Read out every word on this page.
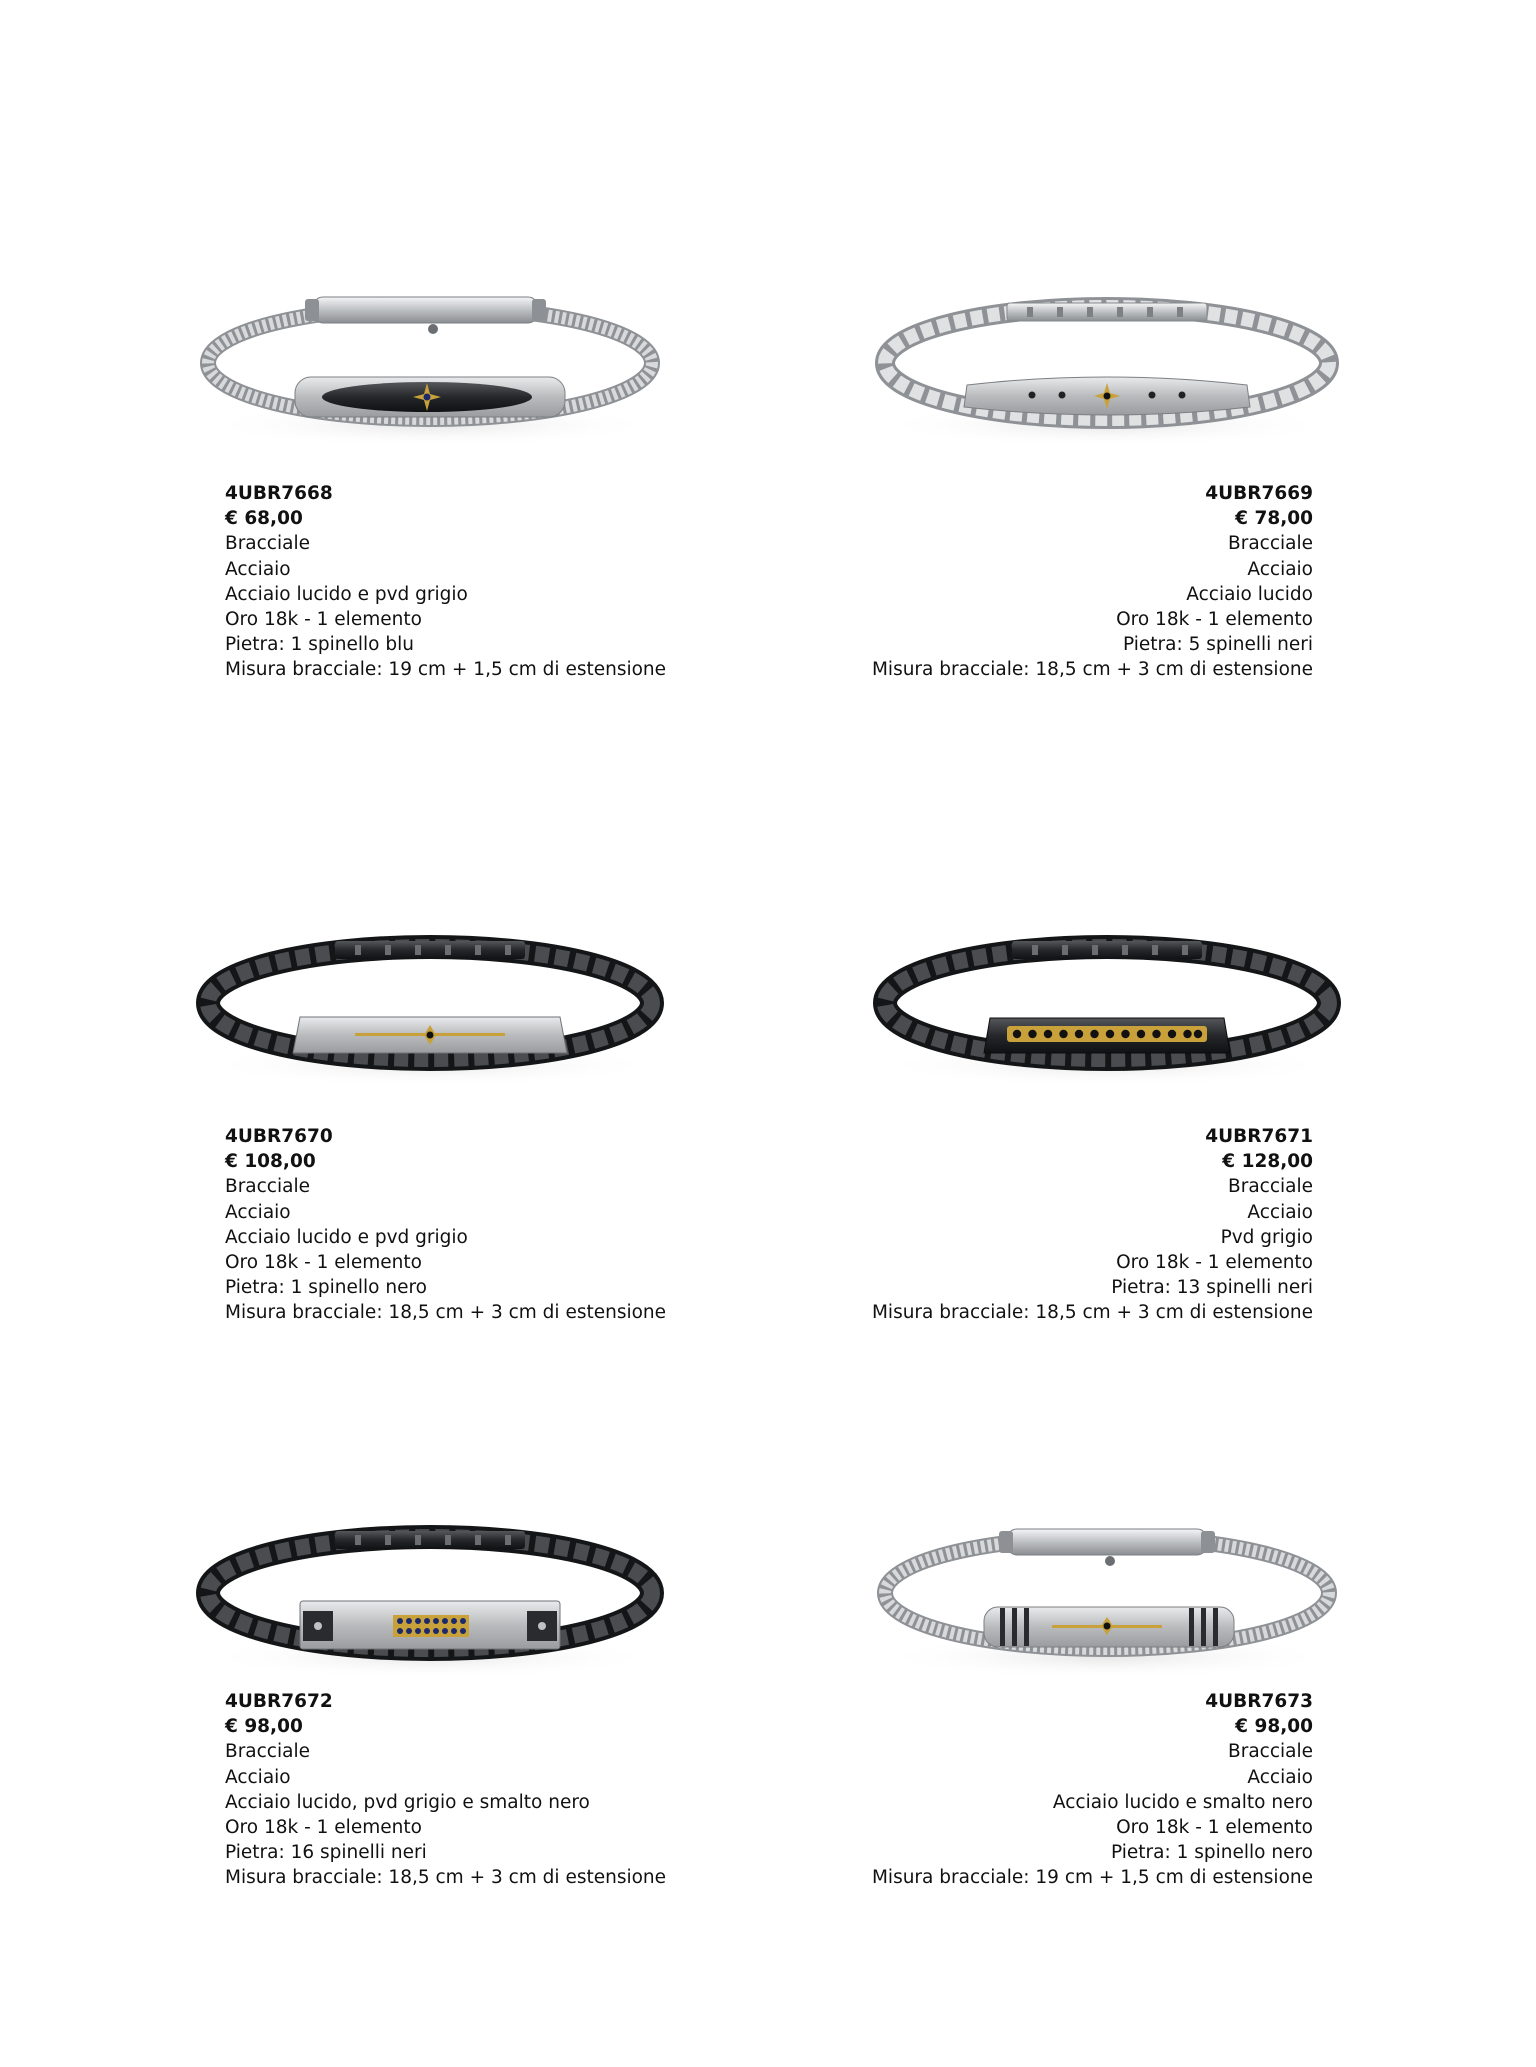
4UBR7668
€ 68,00
Bracciale
Acciaio
Acciaio lucido e pvd grigio
Oro 18k - 1 elemento
Pietra: 1 spinello blu
Misura bracciale: 19 cm + 1,5 cm di estensione
4UBR7669
€ 78,00
Bracciale
Acciaio
Acciaio lucido
Oro 18k - 1 elemento
Pietra: 5 spinelli neri
Misura bracciale: 18,5 cm + 3 cm di estensione
4UBR7670
€ 108,00
Bracciale
Acciaio
Acciaio lucido e pvd grigio
Oro 18k - 1 elemento
Pietra: 1 spinello nero
Misura bracciale: 18,5 cm + 3 cm di estensione
4UBR7671
€ 128,00
Bracciale
Acciaio
Pvd grigio
Oro 18k - 1 elemento
Pietra: 13 spinelli neri
Misura bracciale: 18,5 cm + 3 cm di estensione
4UBR7672
€ 98,00
Bracciale
Acciaio
Acciaio lucido, pvd grigio e smalto nero
Oro 18k - 1 elemento
Pietra: 16 spinelli neri
Misura bracciale: 18,5 cm + 3 cm di estensione
4UBR7673
€ 98,00
Bracciale
Acciaio
Acciaio lucido e smalto nero
Oro 18k - 1 elemento
Pietra: 1 spinello nero
Misura bracciale: 19 cm + 1,5 cm di estensione
